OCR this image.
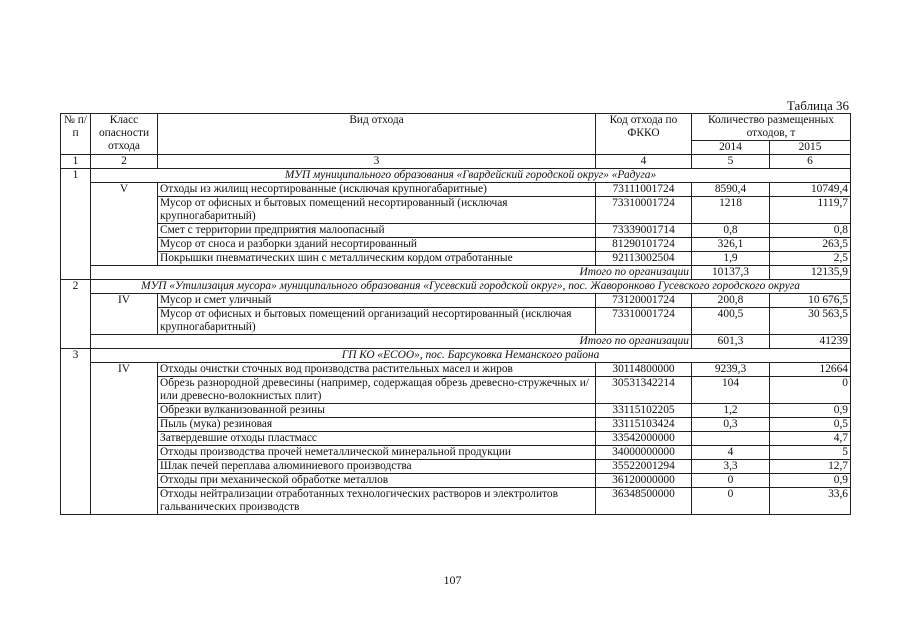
Таблица 36
№ п/п	Класс опасности отхода	Вид отхода	Код отхода по ФККО	Количество размещенных отходов, т	
				2014	2015
1	2	3	4	5	6
1	МУП муниципального образования «Гвардейский городской округ» «Радуга»				
	V	Отходы из жилищ несортированные (исключая крупногабаритные)	73111001724	8590,4	10749,4
		Мусор от офисных и бытовых помещений несортированный (исключая крупногабаритный)	73310001724	1218	1119,7
		Смет с территории предприятия малоопасный	73339001714	0,8	0,8
		Мусор от сноса и разборки зданий несортированный	81290101724	326,1	263,5
		Покрышки пневматических шин с металлическим кордом отработанные	92113002504	1,9	2,5
	Итого по организации			10137,3	12135,9
2	МУП «Утилизация мусора» муниципального образования «Гусевский городской округ», пос. Жаворонково Гусевского городского округа				
	IV	Мусор и смет уличный	73120001724	200,8	10 676,5
		Мусор от офисных и бытовых помещений организаций несортированный (исключая крупногабаритный)	73310001724	400,5	30 563,5
	Итого по организации			601,3	41239
3	ГП КО «ЕСОО», пос. Барсуковка Неманского района				
	IV	Отходы очистки сточных вод производства растительных масел и жиров	30114800000	9239,3	12664
		Обрезь разнородной древесины (например, содержащая обрезь древесно-стружечных и/или древесно-волокнистых плит)	30531342214	104	0
		Обрезки вулканизованной резины	33115102205	1,2	0,9
		Пыль (мука) резиновая	33115103424	0,3	0,5
		Затвердевшие отходы пластмасс	33542000000		4,7
		Отходы производства прочей неметаллической минеральной продукции	34000000000	4	5
		Шлак печей переплава алюминиевого производства	35522001294	3,3	12,7
		Отходы при механической обработке металлов	36120000000	0	0,9
		Отходы нейтрализации отработанных технологических растворов и электролитов гальванических производств	36348500000	0	33,6
107
